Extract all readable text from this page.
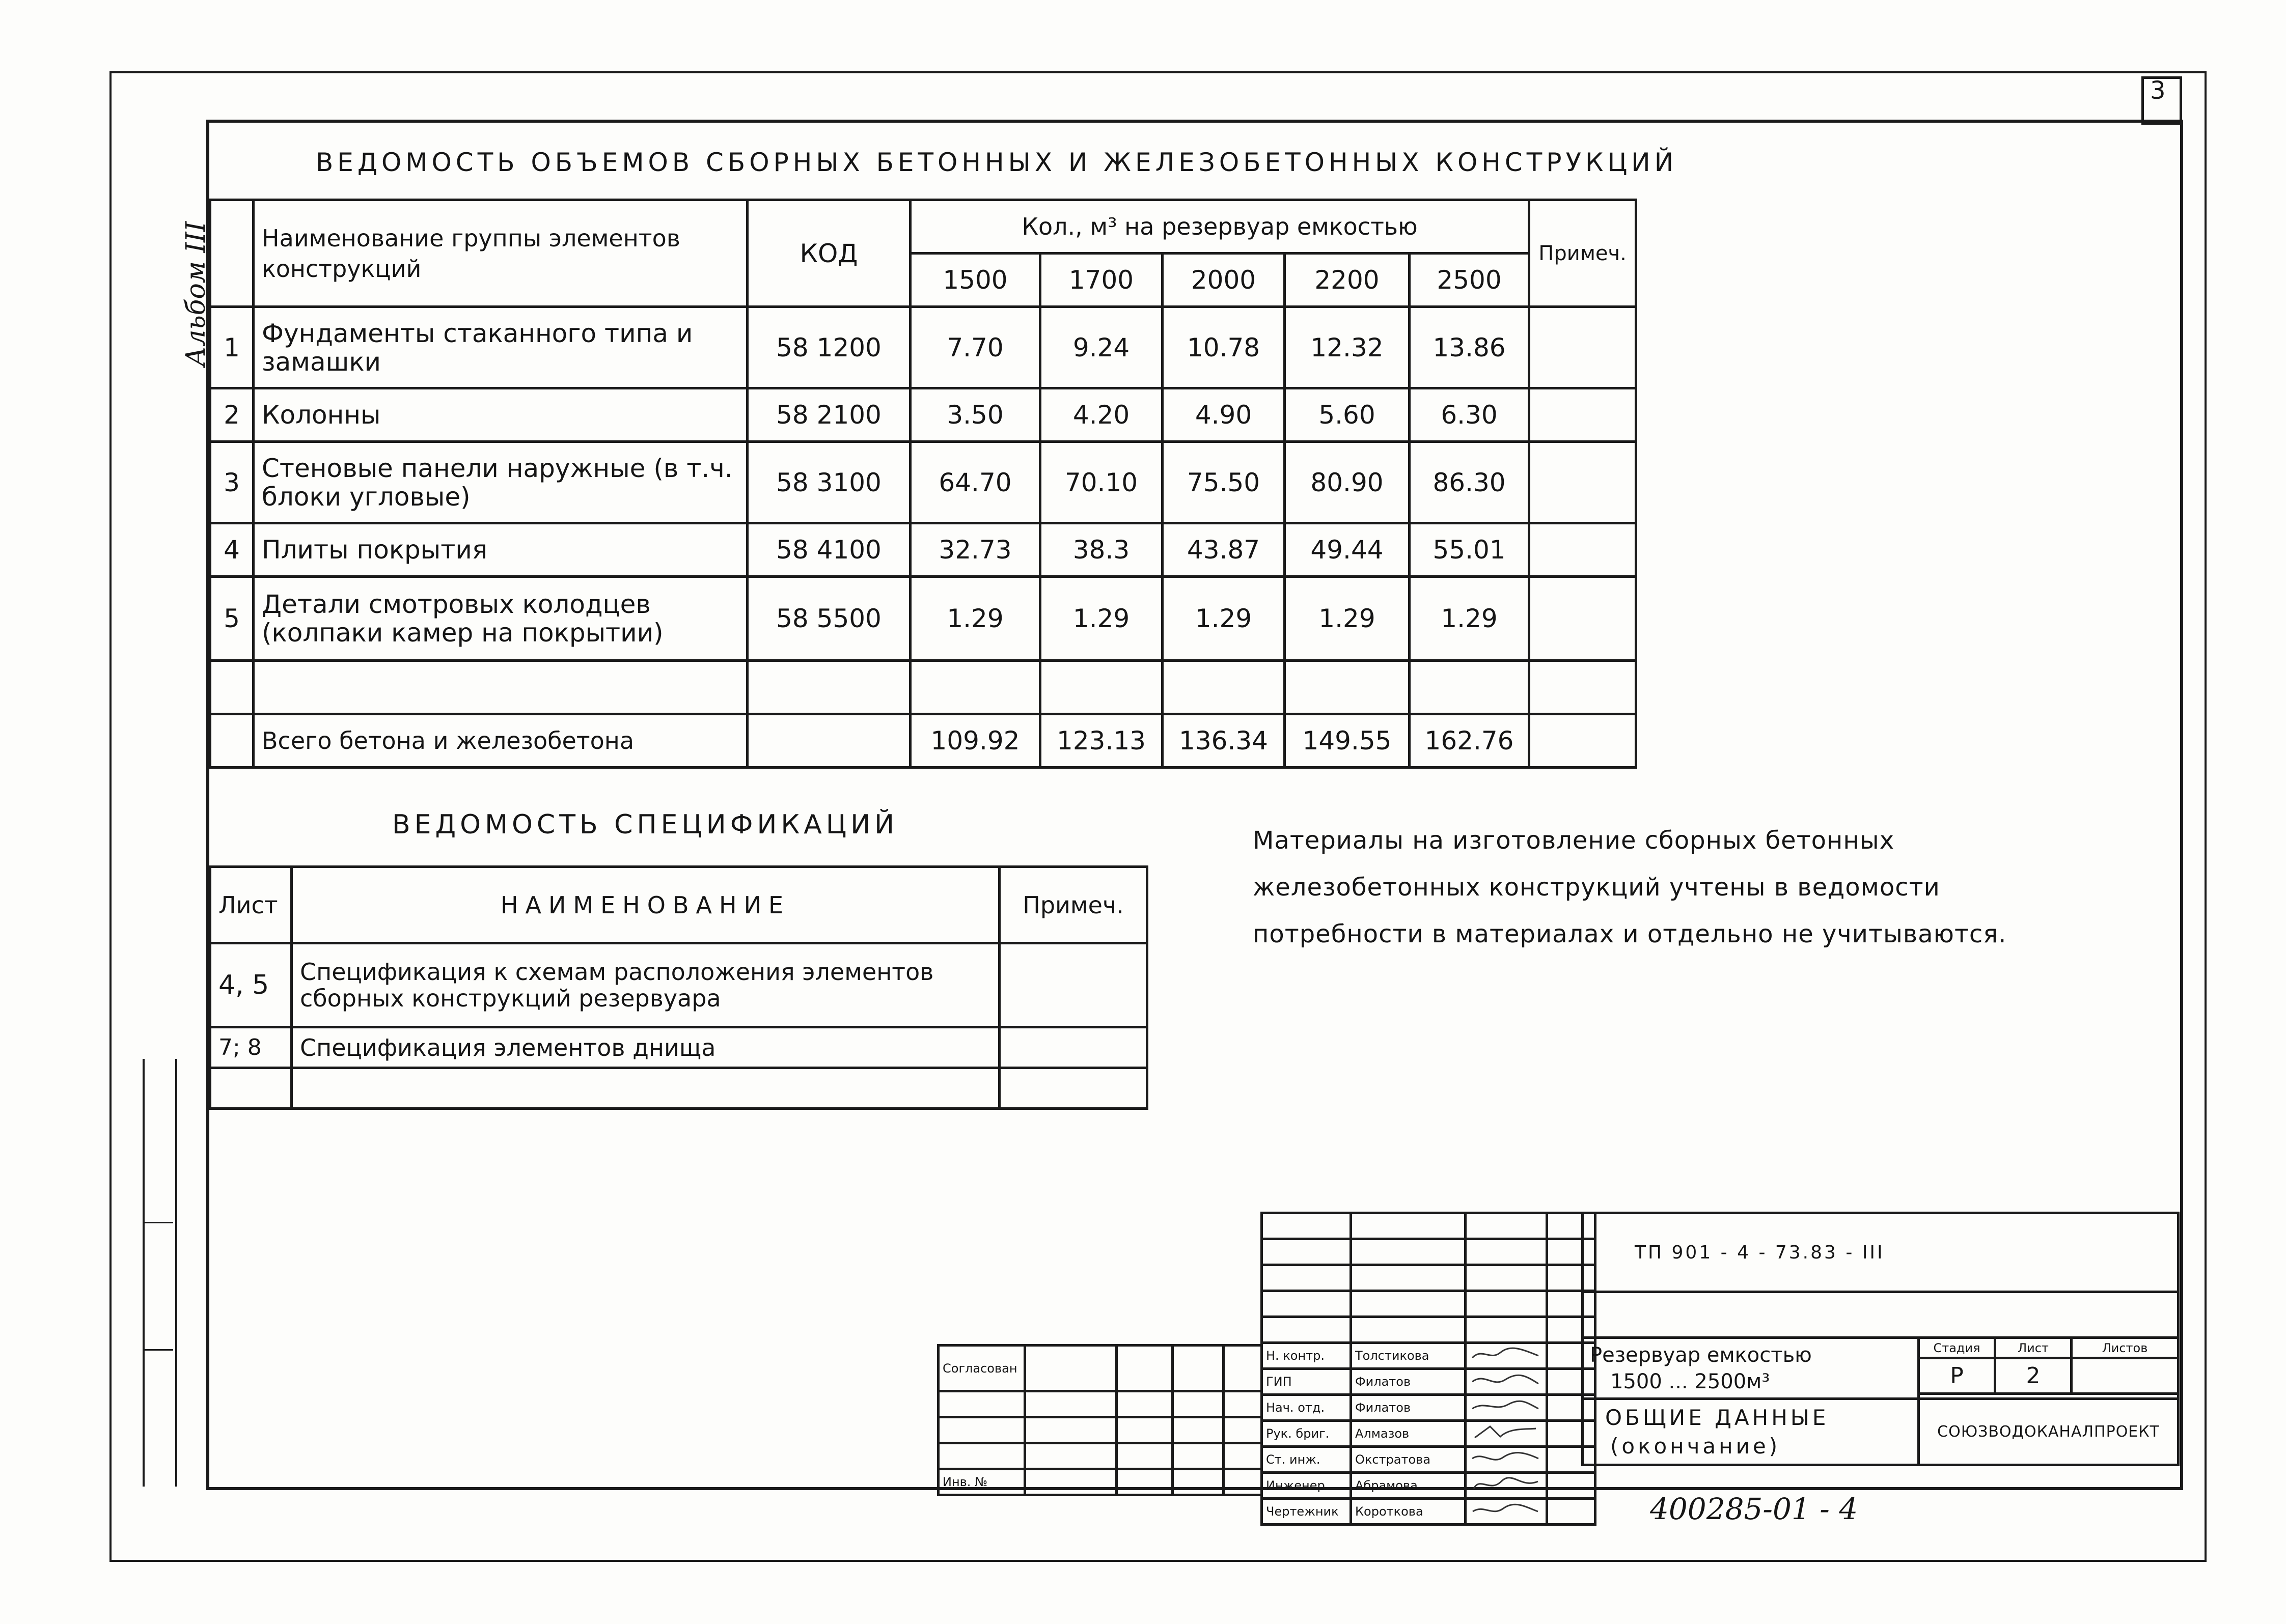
3
Альбом III
ВЕДОМОСТЬ ОБЪЕМОВ СБОРНЫХ БЕТОННЫХ И ЖЕЛЕЗОБЕТОННЫХ КОНСТРУКЦИЙ
	Наименование группы элементов конструкций	КОД	Кол., м³ на резервуар емкостью					Примеч.
			1500	1700	2000	2200	2500	
1	Фундаменты стаканного типа и замашки	58 1200	7.70	9.24	10.78	12.32	13.86	
2	Колонны	58 2100	3.50	4.20	4.90	5.60	6.30	
3	Стеновые панели наружные (в т.ч. блоки угловые)	58 3100	64.70	70.10	75.50	80.90	86.30	
4	Плиты покрытия	58 4100	32.73	38.3	43.87	49.44	55.01	
5	Детали смотровых колодцев (колпаки камер на покрытии)	58 5500	1.29	1.29	1.29	1.29	1.29	

	Всего бетона и железобетона		109.92	123.13	136.34	149.55	162.76	
ВЕДОМОСТЬ СПЕЦИФИКАЦИЙ
Лист	НАИМЕНОВАНИЕ	Примеч.
4, 5	Спецификация к схемам расположения элементов сборных конструкций резервуара	
7; 8	Спецификация элементов днища	

Материалы на изготовление сборных бетонных
железобетонных конструкций учтены в ведомости
потребности в материалах и отдельно не учитываются.
Согласован				

Инв. №				

Н. контр.	Толстикова		
ГИП	Филатов		
Нач. отд.	Филатов		
Рук. бриг.	Алмазов		
Ст. инж.	Окстратова		
Инженер	Абрамова		
Чертежник	Короткова		
ТП 901 - 4 - 73.83 - III			

Резервуар емкостью
1500 ... 2500м³	Стадия	Лист	Листов
	Р	2	

ОБЩИЕ ДАННЫЕ
(окончание)	СОЮЗВОДОКАНАЛПРОЕКТ		
400285-01 - 4
